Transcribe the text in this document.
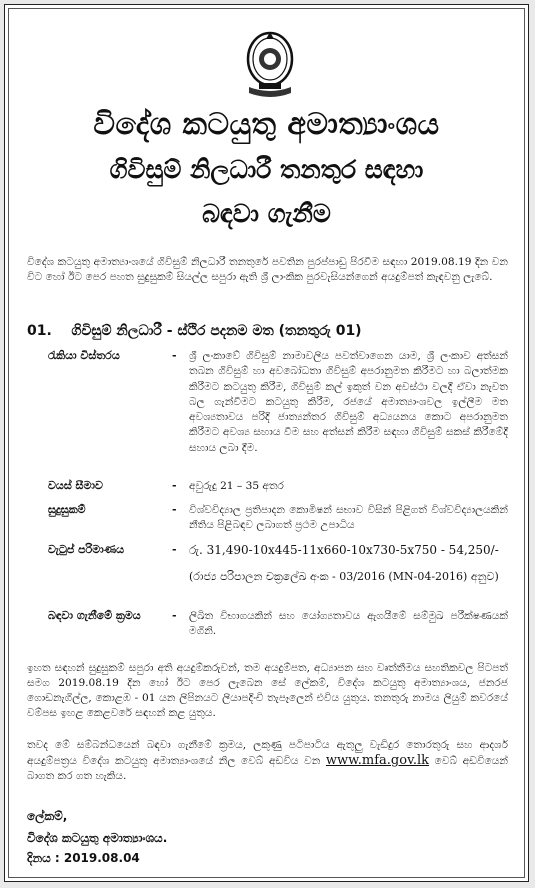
විදේශ කටයුතු අමාත්‍යාංශය
ගිවිසුම් නිලධාරී තනතුර සඳහා
බඳවා ගැනීම
විදේශ කටයුතු අමාත්‍යාංශයේ ගිවිසුම් නිලධාරී තනතුරේ පවතින පුරප්පාඩු පිරවීම සඳහා 2019.08.19 දින වන විට හෝ ඊට පෙර පහත සුදුසුකම් සියල්ල සපුරා ඇති ශ්‍රී ලාංකික පුරවැසියන්ගෙන් අයදුම්පත් කැඳවනු ලැබේ.
01. ගිවිසුම් නිලධාරී - ස්ථිර පදනම මත (තනතුරු 01)
රැකියා විස්තරය	- ශ්‍රී ලංකාවේ ගිවිසුම් නාමාවලිය පවත්වාගෙන යාම, ශ්‍රී ලංකාව අත්සන් තබන ගිවිසුම් හා අවබෝධතා ගිවිසුම් අපරානුමත කිරීමට හා බලාත්මක කිරීමට කටයුතු කිරීම, ගිවිසුම් කල් ඉකුත් වන අවස්ථා වලදී ඒවා නැවත බල ගැන්වීමට කටයුතු කිරීම, රජයේ අමාත්‍යාංශවල ඉල්ලීම මත අවශ්‍යතාවය පරිදි ජාත්‍යන්තර ගිවිසුම් අධ්‍යයනය කොට අපරානුමත කිරීමට අවශ්‍ය සහාය වීම සහ අත්සන් කිරීම සඳහා ගිවිසුම් සකස් කිරීමේදී සහාය ලබා දීම.
වයස් සීමාව	- අවුරුදු 21 – 35 අතර
සුදුසුකම්	- විශ්වවිද්‍යාල ප්‍රතිපාදන කොමිෂන් සභාව විසින් පිළිගත් විශ්වවිද්‍යාලයකින් නීතිය පිළිබඳව ලබාගත් ප්‍රථම උපාධිය
වැටුප් පරිමාණය	- රු. 31,490-10x445-11x660-10x730-5x750 - 54,250/-
(රාජ්‍ය පරිපාලන චක්‍රලේඛ අංක - 03/2016 (MN-04-2016) අනුව)
බඳවා ගැනීමේ ක්‍රමය	- ලිඛිත විභාගයකින් සහ යෝග්‍යතාවය ඇගයීමේ සම්මුඛ පරීක්ෂණයක් මගිනි.
ඉහත සඳහන් සුදුසුකම් සපුරා අති අයදුම්කරුවන්, තම අයදුම්පත, අධ්‍යාපන සහ වෘත්තීමය සහතිකවල පිටපත් සමග 2019.08.19 දින හෝ ඊට පෙර ලැබෙන සේ ලේකම්, විදේශ කටයුතු අමාත්‍යාංශය, ජනරජ ගොඩනැගිල්ල, කොළඹ - 01 යන ලිපිනයට ලියාපදිංචි තැපෑලෙන් එවිය යුතුය. තනතුරු නාමය ලියුම් කවරයේ වම්පස ඉහළ කෙළවරේ සඳහන් කළ යුතුය.
තවද මේ සම්බන්ධයෙන් බඳවා ගැනීමේ ක්‍රමය, ලකුණු පටිපාටිය ඇතුලු වැඩිදුර තොරතුරු සහ ආදර්ශ අයදුම්පත්‍රය විදේශ කටයුතු අමාත්‍යාංශයේ නිල වෙබ් අඩවිය වන www.mfa.gov.lk වෙබ් අඩවියෙන් බාගත කර ගත හැකිය.
ලේකම්,
විදේශ කටයුතු අමාත්‍යාංශය.
දිනය : 2019.08.04
